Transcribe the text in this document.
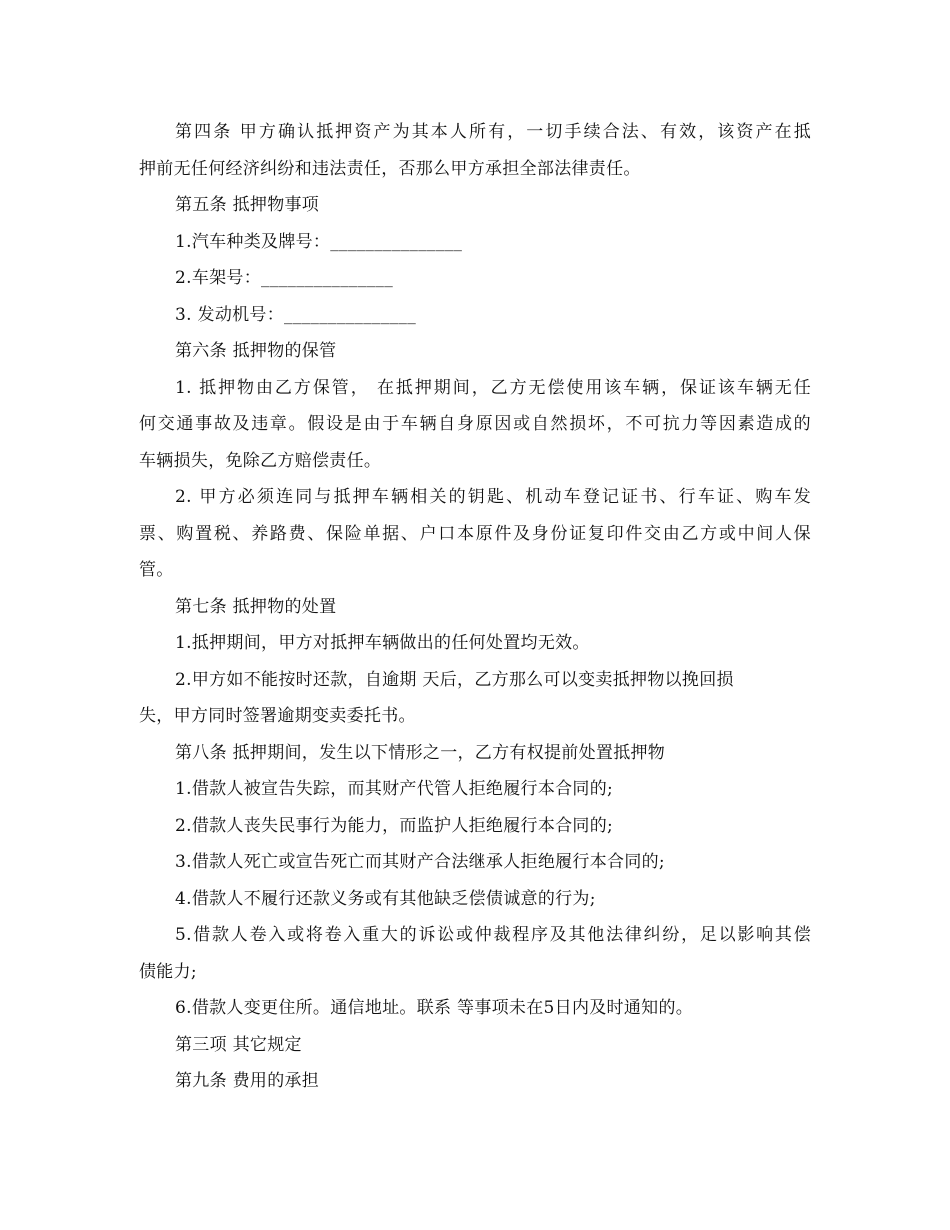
第四条 甲方确认抵押资产为其本人所有，一切手续合法、有效，该资产在抵
押前无任何经济纠纷和违法责任，否那么甲方承担全部法律责任。
第五条 抵押物事项
1.汽车种类及牌号：_______________
2.车架号：_______________
3. 发动机号：_______________
第六条 抵押物的保管
1. 抵押物由乙方保管， 在抵押期间，乙方无偿使用该车辆，保证该车辆无任
何交通事故及违章。假设是由于车辆自身原因或自然损坏，不可抗力等因素造成的
车辆损失，免除乙方赔偿责任。
2. 甲方必须连同与抵押车辆相关的钥匙、机动车登记证书、行车证、购车发
票、购置税、养路费、保险单据、户口本原件及身份证复印件交由乙方或中间人保
管。
第七条 抵押物的处置
1.抵押期间，甲方对抵押车辆做出的任何处置均无效。
2.甲方如不能按时还款，自逾期 天后，乙方那么可以变卖抵押物以挽回损
失，甲方同时签署逾期变卖委托书。
第八条 抵押期间，发生以下情形之一，乙方有权提前处置抵押物
1.借款人被宣告失踪，而其财产代管人拒绝履行本合同的;
2.借款人丧失民事行为能力，而监护人拒绝履行本合同的;
3.借款人死亡或宣告死亡而其财产合法继承人拒绝履行本合同的;
4.借款人不履行还款义务或有其他缺乏偿债诚意的行为;
5.借款人卷入或将卷入重大的诉讼或仲裁程序及其他法律纠纷，足以影响其偿
债能力;
6.借款人变更住所。通信地址。联系 等事项未在5日内及时通知的。
第三项 其它规定
第九条 费用的承担
